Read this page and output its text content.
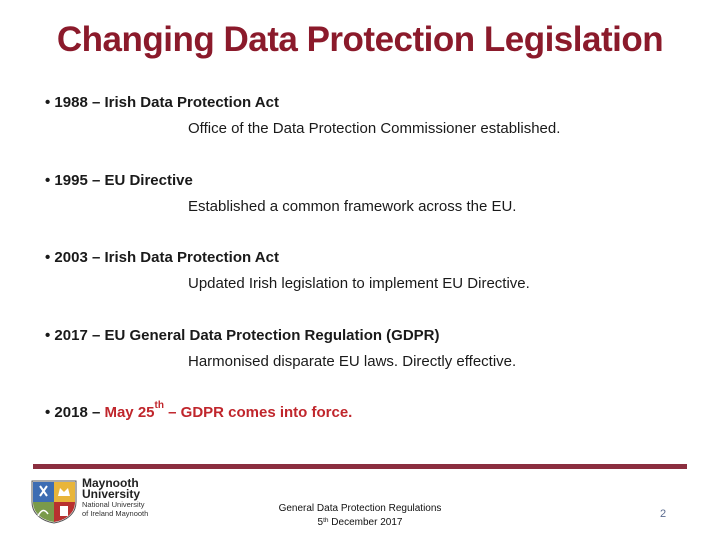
Changing Data Protection Legislation
• 1988 – Irish Data Protection Act
Office of the Data Protection Commissioner established.
• 1995 – EU Directive
Established a common framework across the EU.
• 2003 – Irish Data Protection Act
Updated Irish legislation to implement EU Directive.
• 2017 – EU General Data Protection Regulation (GDPR)
Harmonised disparate EU laws. Directly effective.
• 2018 – May 25th – GDPR comes into force.
Maynooth
University
National University
of Ireland Maynooth	General Data Protection Regulations
5th December 2017
2
